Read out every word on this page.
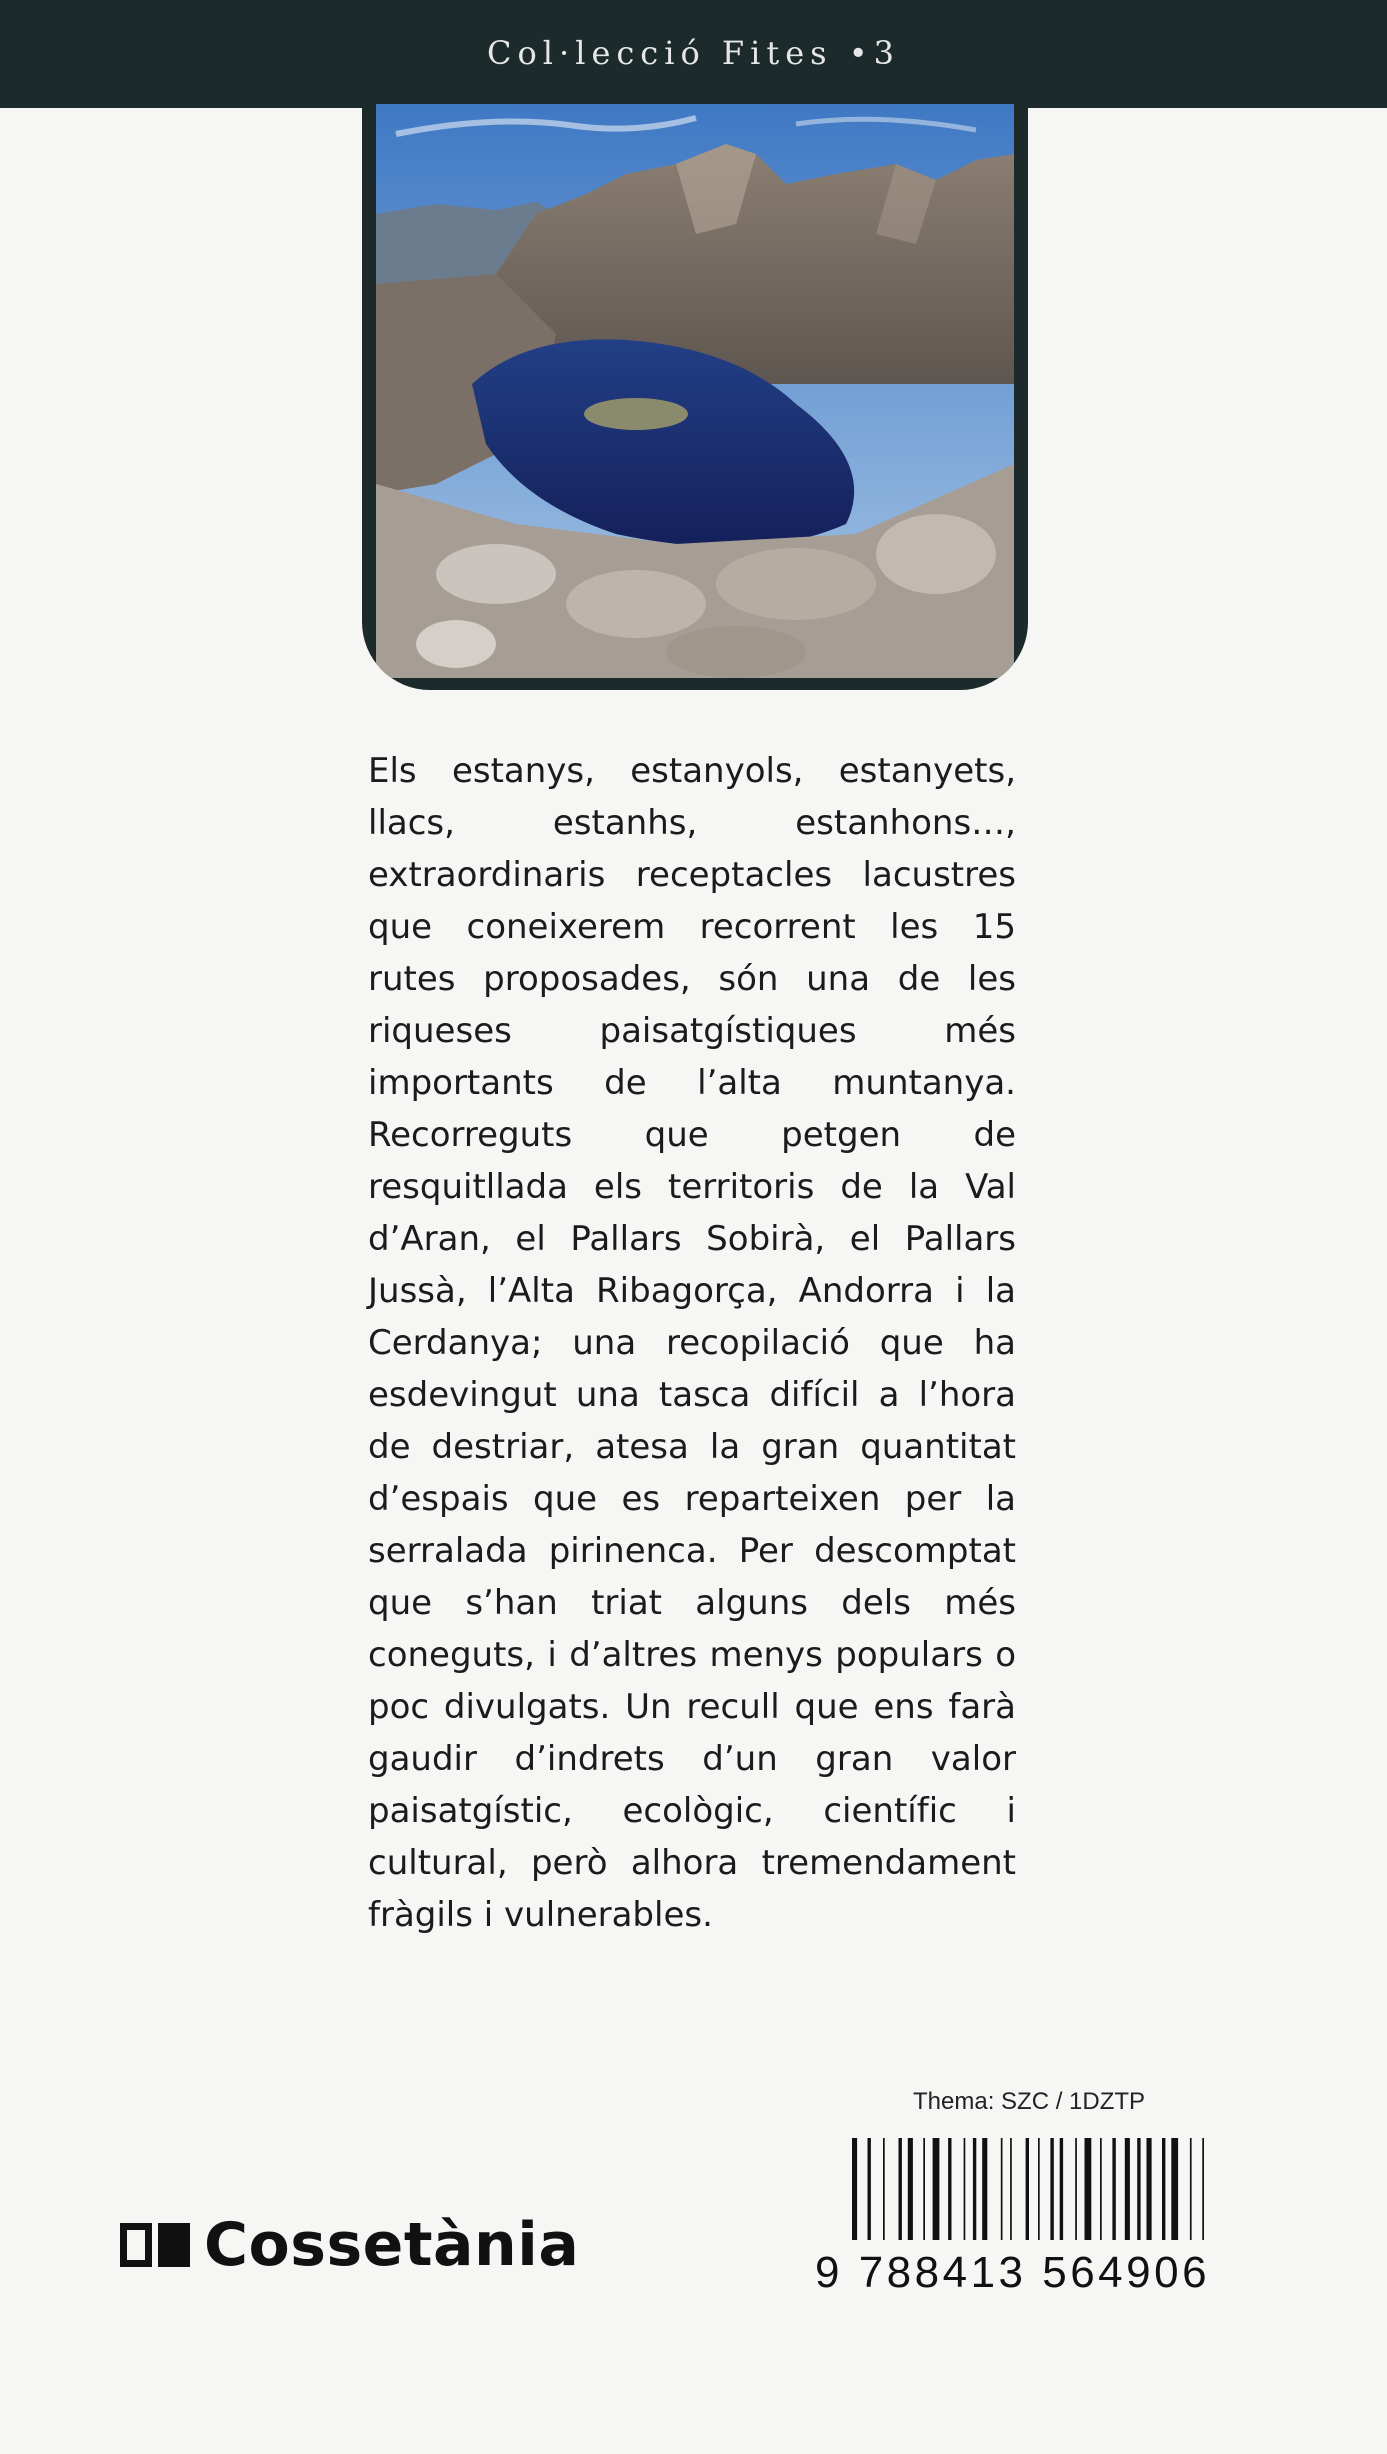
Col·lecció Fites •3

Els estanys, estanyols, estanyets, llacs, estanhs, estanhons…, extraordinaris receptacles lacustres que coneixerem recorrent les 15 rutes proposades, són una de les riqueses paisatgístiques més importants de l’alta muntanya. Recorreguts que petgen de resquitllada els territoris de la Val d’Aran, el Pallars Sobirà, el Pallars Jussà, l’Alta Ribagorça, Andorra i la Cerdanya; una recopilació que ha esdevingut una tasca difícil a l’hora de destriar, atesa la gran quantitat d’espais que es reparteixen per la serralada pirinenca. Per descomptat que s’han triat alguns dels més coneguts, i d’altres menys populars o poc divulgats. Un recull que ens farà gaudir d’indrets d’un gran valor paisatgístic, ecològic, científic i cultural, però alhora tremendament fràgils i vulnerables.

Thema: SZC / 1DZTP
9 788413 564906
Cossetània
